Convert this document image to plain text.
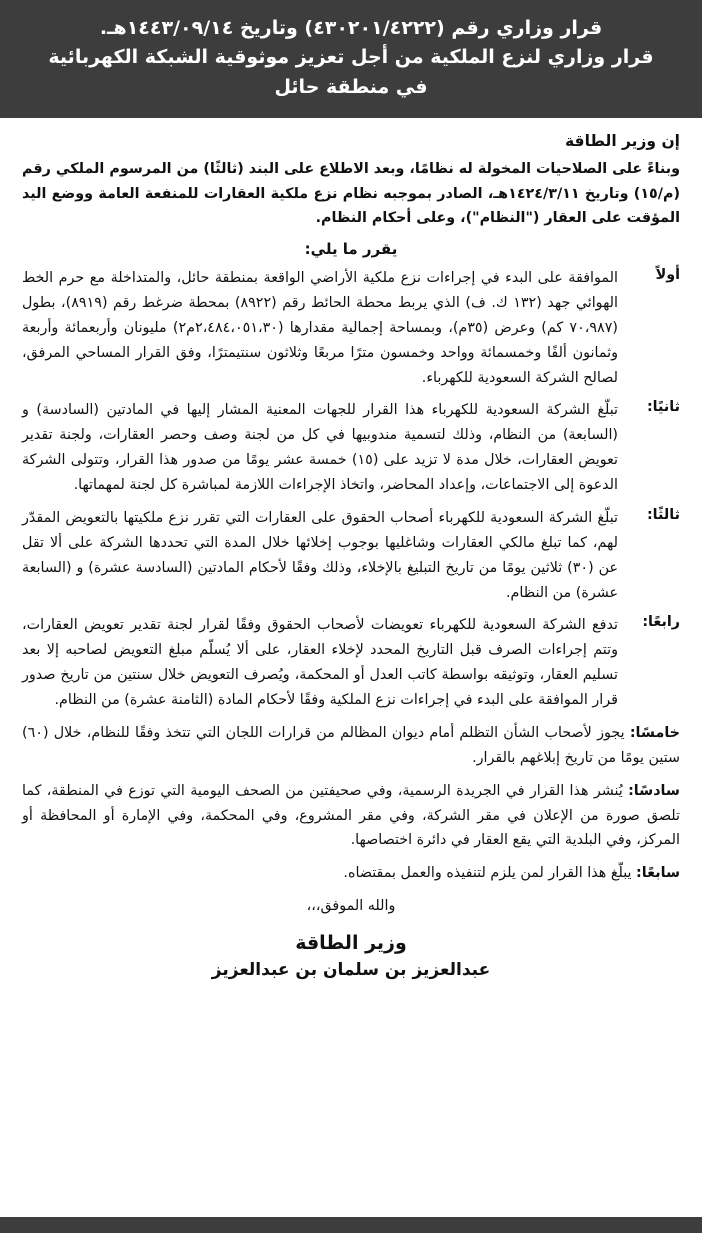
قرار وزاري رقم (٤٣٠٢٠١/٤٢٢٢) وتاريخ ١٤٤٣/٠٩/١٤هـ.
قرار وزاري لنزع الملكية من أجل تعزيز موثوقية الشبكة الكهربائية
في منطقة حائل
إن وزير الطاقة
وبناءً على الصلاحيات المخولة له نظامًا، وبعد الاطلاع على البند (ثالثًا) من المرسوم الملكي رقم (م/١٥) وتاريخ ١٤٢٤/٣/١١هـ، الصادر بموجبه نظام نزع ملكية العقارات للمنفعة العامة ووضع اليد المؤقت على العقار ("النظام")، وعلى أحكام النظام.
يقرر ما يلي:
أولاً
الموافقة على البدء في إجراءات نزع ملكية الأراضي الواقعة بمنطقة حائل، والمتداخلة مع حرم الخط الهوائي جهد (١٣٢ ك. ف) الذي يربط محطة الحائط رقم (٨٩٢٢) بمحطة ضرغط رقم (٨٩١٩)، بطول (٧٠،٩٨٧ كم) وعرض (٣٥م)، وبمساحة إجمالية مقدارها (٢،٤٨٤،٠٥١،٣٠م٢) مليونان وأربعمائة وأربعة وثمانون ألفًا وخمسمائة وواحد وخمسون مترًا مربعًا وثلاثون سنتيمترًا، وفق القرار المساحي المرفق، لصالح الشركة السعودية للكهرباء.
ثانيًا:
تبلّغ الشركة السعودية للكهرباء هذا القرار للجهات المعنية المشار إليها في المادتين (السادسة) و (السابعة) من النظام، وذلك لتسمية مندوبيها في كل من لجنة وصف وحصر العقارات، ولجنة تقدير تعويض العقارات، خلال مدة لا تزيد على (١٥) خمسة عشر يومًا من صدور هذا القرار، وتتولى الشركة الدعوة إلى الاجتماعات، وإعداد المحاضر، واتخاذ الإجراءات اللازمة لمباشرة كل لجنة لمهماتها.
ثالثًا:
تبلّغ الشركة السعودية للكهرباء أصحاب الحقوق على العقارات التي تقرر نزع ملكيتها بالتعويض المقدّر لهم، كما تبلغ مالكي العقارات وشاغليها بوجوب إخلائها خلال المدة التي تحددها الشركة على ألا تقل عن (٣٠) ثلاثين يومًا من تاريخ التبليغ بالإخلاء، وذلك وفقًا لأحكام المادتين (السادسة عشرة) و (السابعة عشرة) من النظام.
رابعًا:
تدفع الشركة السعودية للكهرباء تعويضات لأصحاب الحقوق وفقًا لقرار لجنة تقدير تعويض العقارات، وتتم إجراءات الصرف قبل التاريخ المحدد لإخلاء العقار، على ألا يُسلّم مبلغ التعويض لصاحبه إلا بعد تسليم العقار، وتوثيقه بواسطة كاتب العدل أو المحكمة، ويُصرف التعويض خلال سنتين من تاريخ صدور قرار الموافقة على البدء في إجراءات نزع الملكية وفقًا لأحكام المادة (الثامنة عشرة) من النظام.
خامسًا: يجوز لأصحاب الشأن التظلم أمام ديوان المظالم من قرارات اللجان التي تتخذ وفقًا للنظام، خلال (٦٠) ستين يومًا من تاريخ إبلاغهم بالقرار.
سادسًا: يُنشر هذا القرار في الجريدة الرسمية، وفي صحيفتين من الصحف اليومية التي توزع في المنطقة، كما تلصق صورة من الإعلان في مقر الشركة، وفي مقر المشروع، وفي المحكمة، وفي الإمارة أو المحافظة أو المركز، وفي البلدية التي يقع العقار في دائرة اختصاصها.
سابعًا: يبلّغ هذا القرار لمن يلزم لتنفيذه والعمل بمقتضاه.
والله الموفق،،،
وزير الطاقة
عبدالعزيز بن سلمان بن عبدالعزيز
